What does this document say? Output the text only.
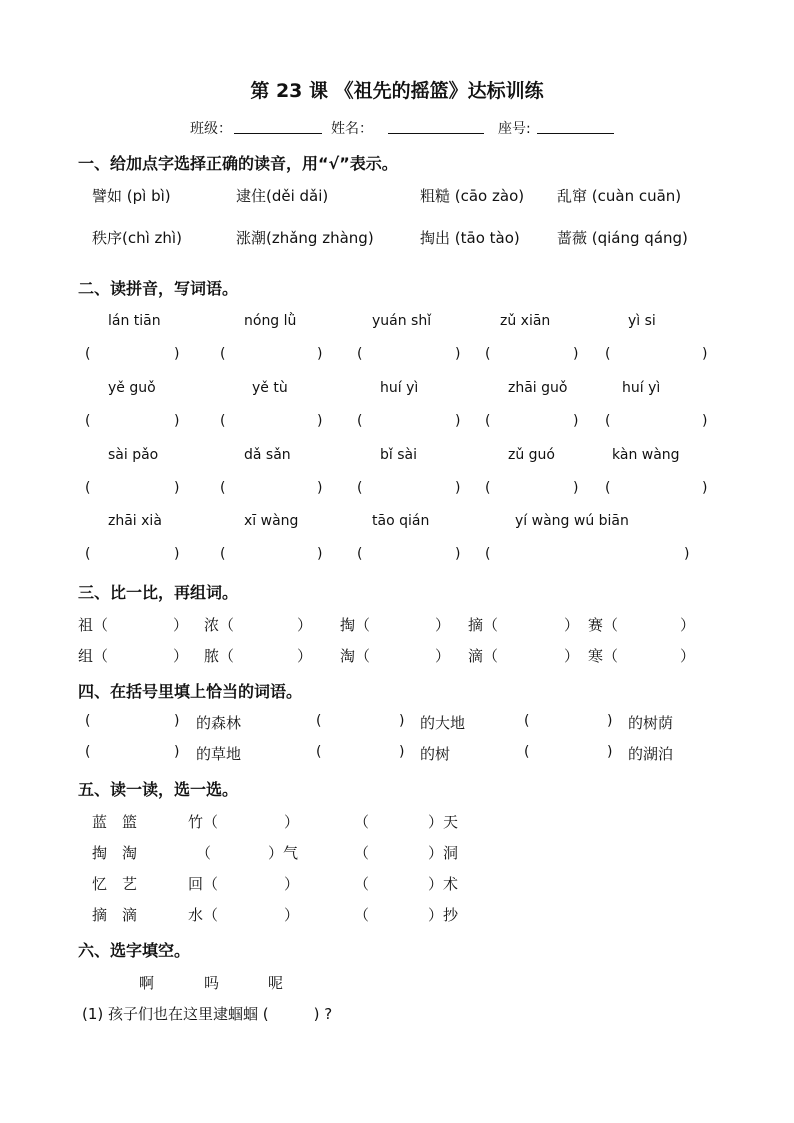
第 23 课 《祖先的摇篮》达标训练
班级：	姓名：	座号:
一、给加点字选择正确的读音，用“√”表示。
譬如 (pì bì)	逮住(děi dǎi)	粗糙 (cāo zào) 乱窜 (cuàn cuān)
秩序(chì zhì)	涨潮(zhǎng zhàng)	掏出 (tāo tào) 蔷薇 (qiáng qáng)
二、读拼音，写词语。
lán tiān	nóng lǜ	yuán shǐ	zǔ xiān	yì si
(	)	(	) (	) (	) (	)
yě guǒ	yě tù	huí yì	zhāi guǒ	huí yì
(	)	(	) (	) (	) (	)
sài pǎo	dǎ sǎn	bǐ sài	zǔ guó	kàn wàng
(	)	(	) (	) (	) (	)
zhāi xià	xī wàng	tāo qián	yí wàng wú biān
(	)	(	) (	) (	)
三、比一比，再组词。
祖（	） 浓（	） 掏（	） 摘（	） 赛（	）
组（	） 脓（	） 淘（	） 滴（	） 寒（	）
四、在括号里填上恰当的词语。
(	) 的森林	(	) 的大地	(	) 的树荫
(	) 的草地	(	) 的树	(	) 的湖泊
五、读一读，选一选。
蓝　篮	竹（	）	（	）天
掏　淘	（	）气	（	）洞
忆　艺	回（	）	（	）术
摘　滴	水（	）	（	）抄
六、选字填空。
啊	吗	呢
(1) 孩子们也在这里逮蝈蝈 (　　　) ?
